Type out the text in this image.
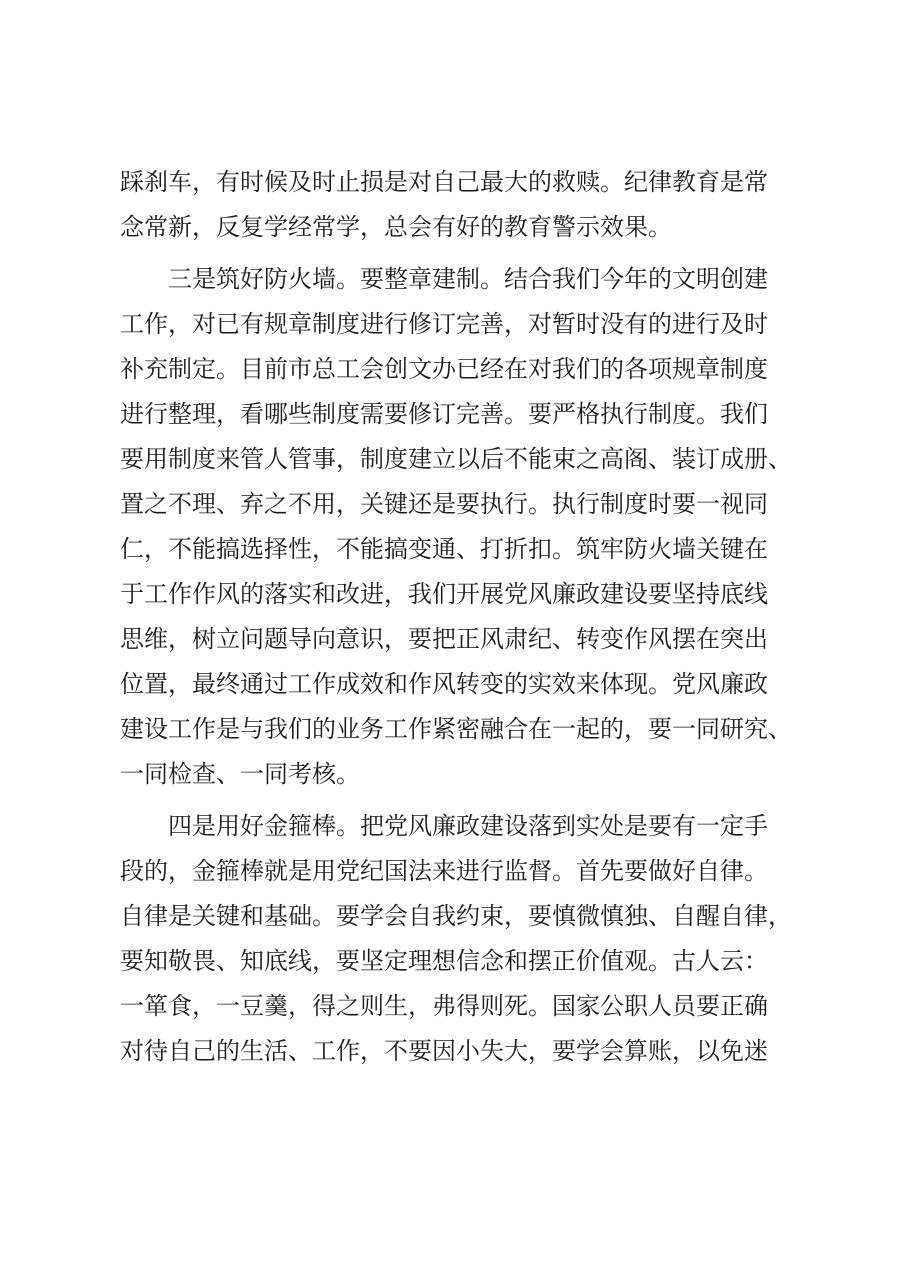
踩刹车，有时候及时止损是对自己最大的救赎。纪律教育是常
念常新，反复学经常学，总会有好的教育警示效果。
　　三是筑好防火墙。要整章建制。结合我们今年的文明创建
工作，对已有规章制度进行修订完善，对暂时没有的进行及时
补充制定。目前市总工会创文办已经在对我们的各项规章制度
进行整理，看哪些制度需要修订完善。要严格执行制度。我们
要用制度来管人管事，制度建立以后不能束之高阁、装订成册、
置之不理、弃之不用，关键还是要执行。执行制度时要一视同
仁，不能搞选择性，不能搞变通、打折扣。筑牢防火墙关键在
于工作作风的落实和改进，我们开展党风廉政建设要坚持底线
思维，树立问题导向意识，要把正风肃纪、转变作风摆在突出
位置，最终通过工作成效和作风转变的实效来体现。党风廉政
建设工作是与我们的业务工作紧密融合在一起的，要一同研究、
一同检查、一同考核。
　　四是用好金箍棒。把党风廉政建设落到实处是要有一定手
段的，金箍棒就是用党纪国法来进行监督。首先要做好自律。
自律是关键和基础。要学会自我约束，要慎微慎独、自醒自律，
要知敬畏、知底线，要坚定理想信念和摆正价值观。古人云：
一箪食，一豆羹，得之则生，弗得则死。国家公职人员要正确
对待自己的生活、工作，不要因小失大，要学会算账，以免迷
